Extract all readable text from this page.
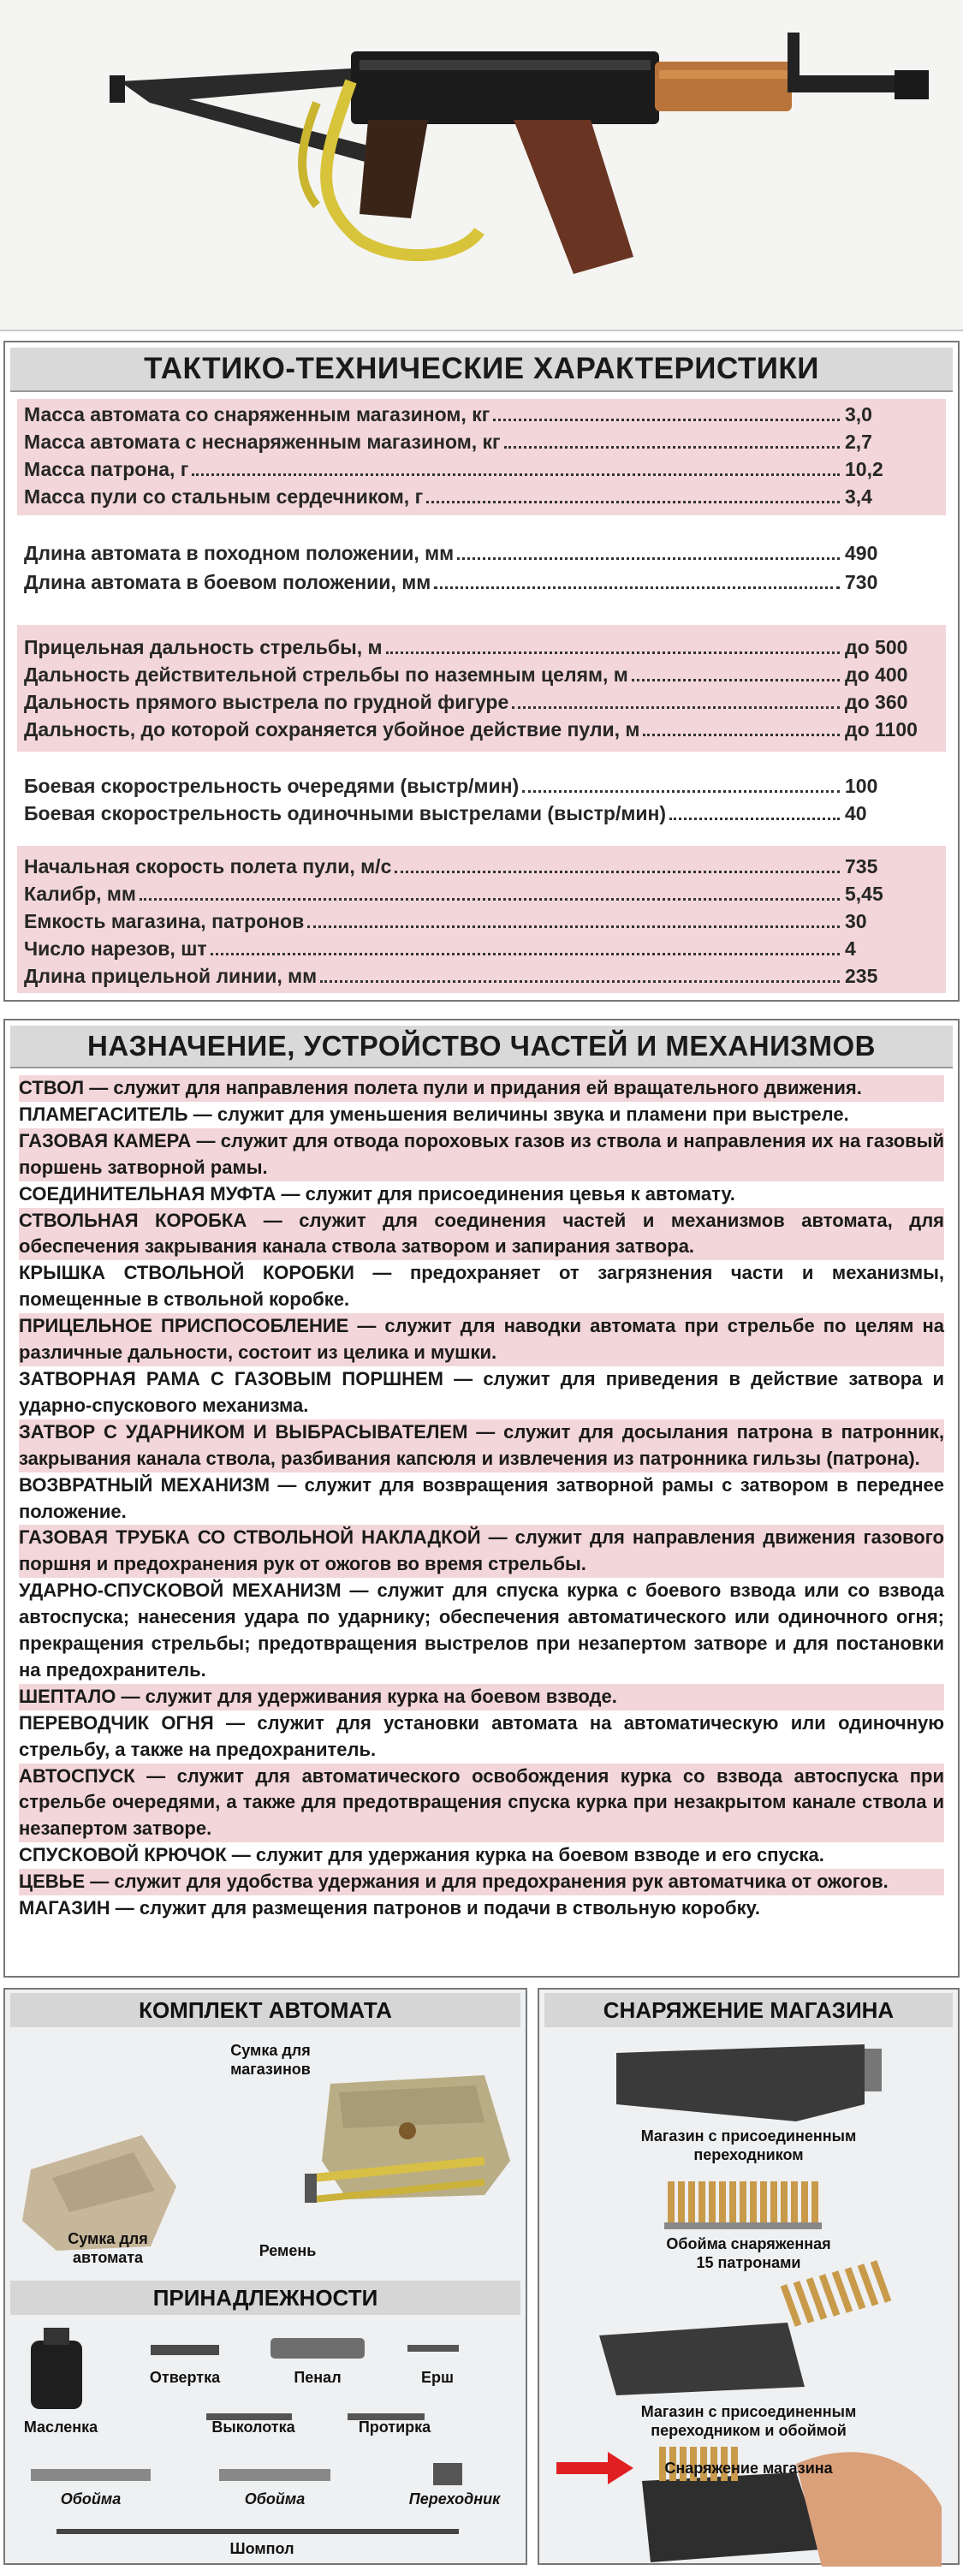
ТАКТИКО-ТЕХНИЧЕСКИЕ ХАРАКТЕРИСТИКИ
Масса автомата со снаряженным магазином, кг	3,0
Масса автомата с неснаряженным магазином, кг	2,7
Масса патрона, г	10,2
Масса пули со стальным сердечником, г	3,4
Длина автомата в походном положении, мм	490
Длина автомата в боевом положении, мм	730
Прицельная дальность стрельбы, м	до 500
Дальность действительной стрельбы по наземным целям, м	до 400
Дальность прямого выстрела по грудной фигуре	до 360
Дальность, до которой сохраняется убойное действие пули, м	до 1100
Боевая скорострельность очередями (выстр/мин)	100
Боевая скорострельность одиночными выстрелами (выстр/мин)	40
Начальная скорость полета пули, м/с	735
Калибр, мм	5,45
Емкость магазина, патронов	30
Число нарезов, шт	4
Длина прицельной линии, мм	235
НАЗНАЧЕНИЕ, УСТРОЙСТВО ЧАСТЕЙ И МЕХАНИЗМОВ
СТВОЛ — служит для направления полета пули и придания ей вращательного движения.
ПЛАМЕГАСИТЕЛЬ — служит для уменьшения величины звука и пламени при выстреле.
ГАЗОВАЯ КАМЕРА — служит для отвода пороховых газов из ствола и направления их на газовый поршень затворной рамы.
СОЕДИНИТЕЛЬНАЯ МУФТА — служит для присоединения цевья к автомату.
СТВОЛЬНАЯ КОРОБКА — служит для соединения частей и механизмов автомата, для обеспечения закрывания канала ствола затвором и запирания затвора.
КРЫШКА СТВОЛЬНОЙ КОРОБКИ — предохраняет от загрязнения части и механизмы, помещенные в ствольной коробке.
ПРИЦЕЛЬНОЕ ПРИСПОСОБЛЕНИЕ — служит для наводки автомата при стрельбе по целям на различные дальности, состоит из целика и мушки.
ЗАТВОРНАЯ РАМА С ГАЗОВЫМ ПОРШНЕМ — служит для приведения в действие затвора и ударно-спускового механизма.
ЗАТВОР С УДАРНИКОМ И ВЫБРАСЫВАТЕЛЕМ — служит для досылания патрона в патронник, закрывания канала ствола, разбивания капсюля и извлечения из патронника гильзы (патрона).
ВОЗВРАТНЫЙ МЕХАНИЗМ — служит для возвращения затворной рамы с затвором в переднее положение.
ГАЗОВАЯ ТРУБКА СО СТВОЛЬНОЙ НАКЛАДКОЙ — служит для направления движения газового поршня и предохранения рук от ожогов во время стрельбы.
УДАРНО-СПУСКОВОЙ МЕХАНИЗМ — служит для спуска курка с боевого взвода или со взвода автоспуска; нанесения удара по ударнику; обеспечения автоматического или одиночного огня; прекращения стрельбы; предотвращения выстрелов при незапертом затворе и для постановки на предохранитель.
ШЕПТАЛО — служит для удерживания курка на боевом взводе.
ПЕРЕВОДЧИК ОГНЯ — служит для установки автомата на автоматическую или одиночную стрельбу, а также на предохранитель.
АВТОСПУСК — служит для автоматического освобождения курка со взвода автоспуска при стрельбе очередями, а также для предотвращения спуска курка при незакрытом канале ствола и незапертом затворе.
СПУСКОВОЙ КРЮЧОК — служит для удержания курка на боевом взводе и его спуска.
ЦЕВЬЕ — служит для удобства удержания и для предохранения рук автоматчика от ожогов.
МАГАЗИН — служит для размещения патронов и подачи в ствольную коробку.
КОМПЛЕКТ АВТОМАТА
Сумка для
магазинов
Сумка для
автомата	Ремень
ПРИНАДЛЕЖНОСТИ
Отвертка	Пенал	Ерш
Масленка	Выколотка	Протирка
Обойма	Обойма	Переходник
Шомпол
СНАРЯЖЕНИЕ МАГАЗИНА
Магазин с присоединенным
переходником
Обойма снаряженная
15 патронами
Магазин с присоединенным
переходником и обоймой
Снаряжение магазина
